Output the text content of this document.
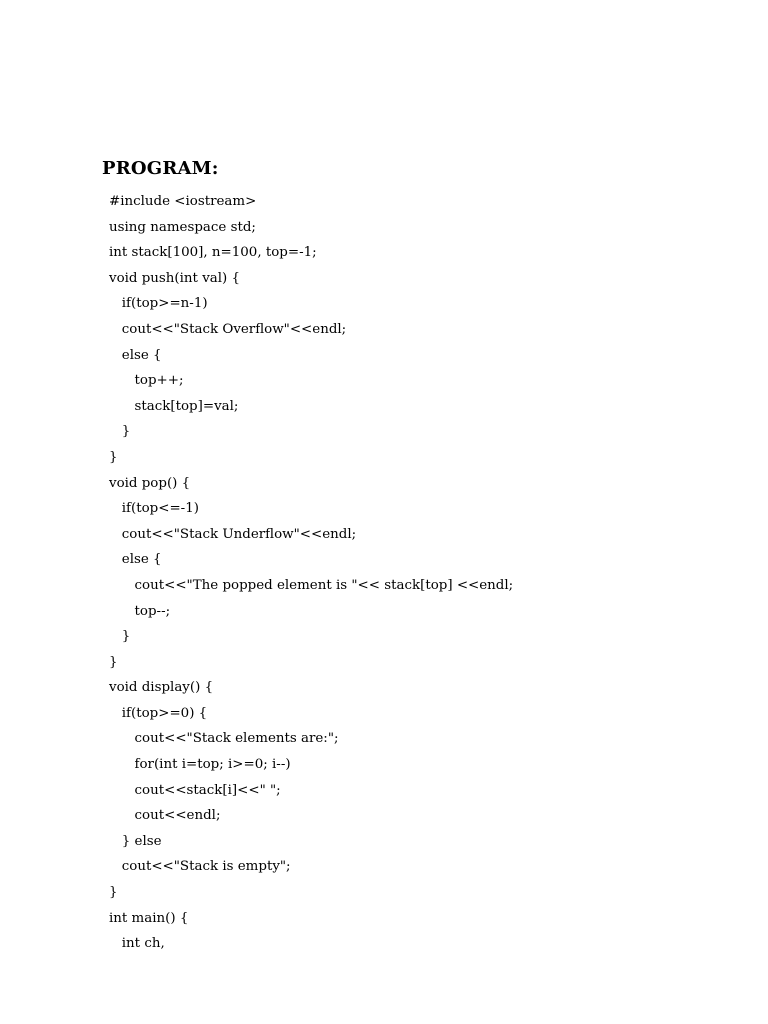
PROGRAM:
#include <iostream>
using namespace std;
int stack[100], n=100, top=-1;
void push(int val) {
if(top>=n-1)
cout<<"Stack Overflow"<<endl;
else {
top++;
stack[top]=val;
}
}
void pop() {
if(top<=-1)
cout<<"Stack Underflow"<<endl;
else {
cout<<"The popped element is "<< stack[top] <<endl;
top--;
}
}
void display() {
if(top>=0) {
cout<<"Stack elements are:";
for(int i=top; i>=0; i--)
cout<<stack[i]<<" ";
cout<<endl;
} else
cout<<"Stack is empty";
}
int main() {
int ch,
